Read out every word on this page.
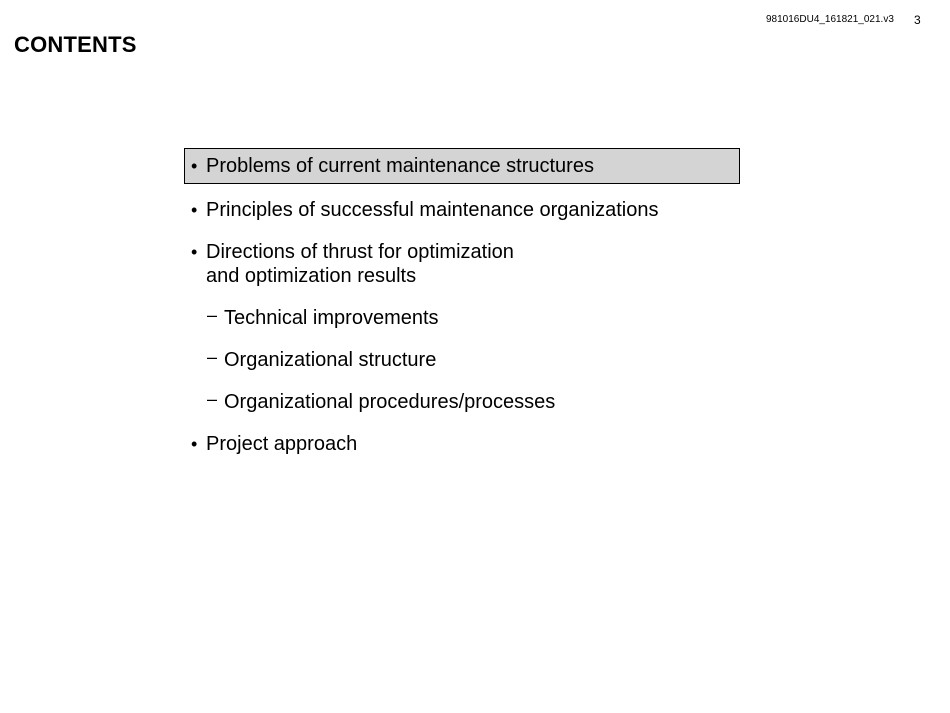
981016DU4_161821_021.v3 3
CONTENTS
• Problems of current maintenance structures
• Principles of successful maintenance organizations
• Directions of thrust for optimization
and optimization results
– Technical improvements
– Organizational structure
– Organizational procedures/processes
• Project approach
